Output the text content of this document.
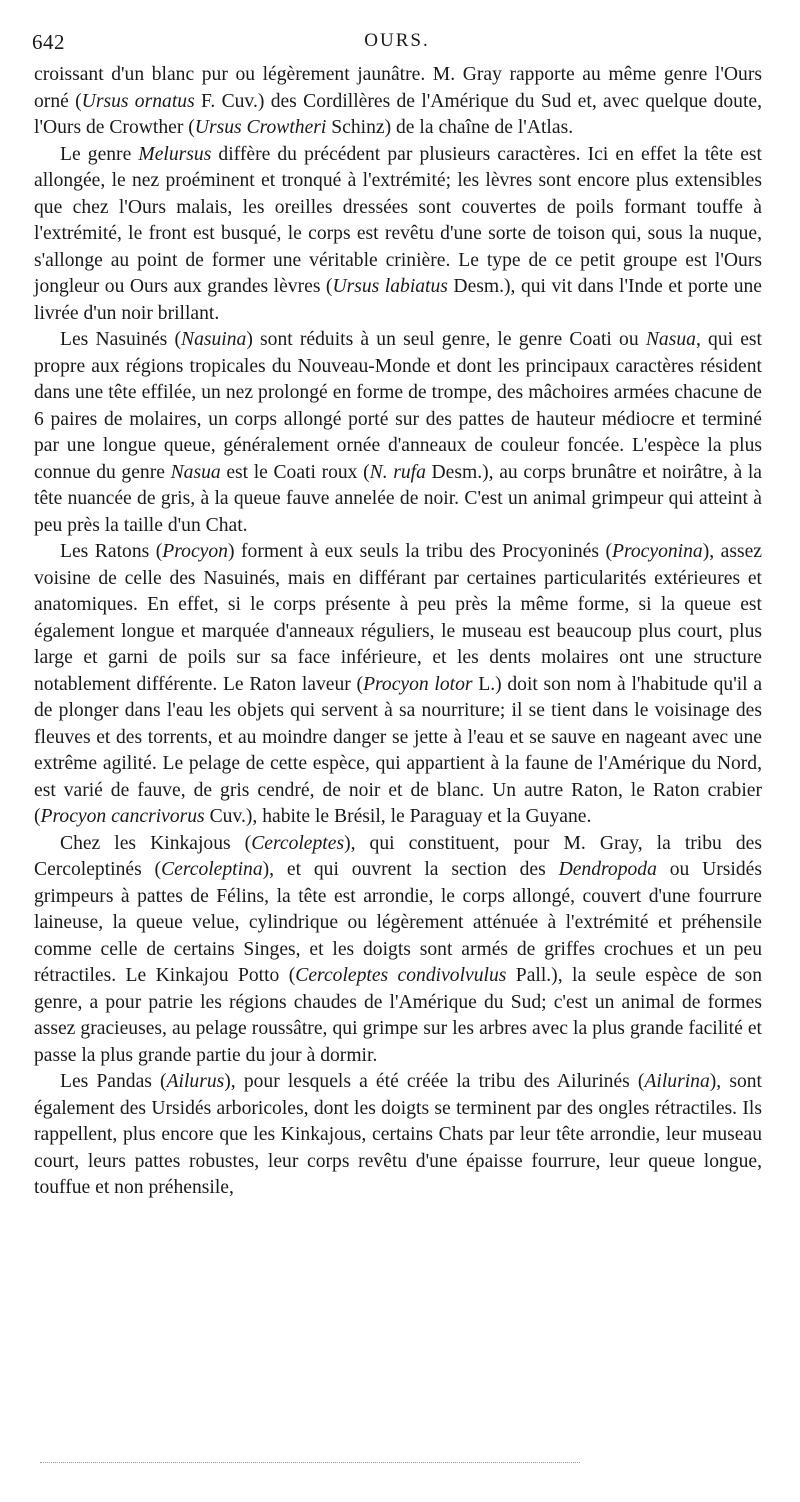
642	OURS.

croissant d'un blanc pur ou légèrement jaunâtre. M. Gray rapporte au même genre l'Ours orné (Ursus ornatus F. Cuv.) des Cordillères de l'Amérique du Sud et, avec quelque doute, l'Ours de Crowther (Ursus Crowtheri Schinz) de la chaîne de l'Atlas.

Le genre Melursus diffère du précédent par plusieurs caractères. Ici en effet la tête est allongée, le nez proéminent et tronqué à l'extrémité; les lèvres sont encore plus extensibles que chez l'Ours malais, les oreilles dressées sont couvertes de poils formant touffe à l'extrémité, le front est busqué, le corps est revêtu d'une sorte de toison qui, sous la nuque, s'allonge au point de former une véritable crinière. Le type de ce petit groupe est l'Ours jongleur ou Ours aux grandes lèvres (Ursus labiatus Desm.), qui vit dans l'Inde et porte une livrée d'un noir brillant.

Les Nasuinés (Nasuina) sont réduits à un seul genre, le genre Coati ou Nasua, qui est propre aux régions tropicales du Nouveau-Monde et dont les principaux caractères résident dans une tête effilée, un nez prolongé en forme de trompe, des mâchoires armées chacune de 6 paires de molaires, un corps allongé porté sur des pattes de hauteur médiocre et terminé par une longue queue, généralement ornée d'anneaux de couleur foncée. L'espèce la plus connue du genre Nasua est le Coati roux (N. rufa Desm.), au corps brunâtre et noirâtre, à la tête nuancée de gris, à la queue fauve annelée de noir. C'est un animal grimpeur qui atteint à peu près la taille d'un Chat.

Les Ratons (Procyon) forment à eux seuls la tribu des Procyoninés (Procyonina), assez voisine de celle des Nasuinés, mais en différant par certaines particularités extérieures et anatomiques. En effet, si le corps présente à peu près la même forme, si la queue est également longue et marquée d'anneaux réguliers, le museau est beaucoup plus court, plus large et garni de poils sur sa face inférieure, et les dents molaires ont une structure notablement différente. Le Raton laveur (Procyon lotor L.) doit son nom à l'habitude qu'il a de plonger dans l'eau les objets qui servent à sa nourriture; il se tient dans le voisinage des fleuves et des torrents, et au moindre danger se jette à l'eau et se sauve en nageant avec une extrême agilité. Le pelage de cette espèce, qui appartient à la faune de l'Amérique du Nord, est varié de fauve, de gris cendré, de noir et de blanc. Un autre Raton, le Raton crabier (Procyon cancrivorus Cuv.), habite le Brésil, le Paraguay et la Guyane.

Chez les Kinkajous (Cercoleptes), qui constituent, pour M. Gray, la tribu des Cercoleptinés (Cercoleptina), et qui ouvrent la section des Dendropoda ou Ursidés grimpeurs à pattes de Félins, la tête est arrondie, le corps allongé, couvert d'une fourrure laineuse, la queue velue, cylindrique ou légèrement atténuée à l'extrémité et préhensile comme celle de certains Singes, et les doigts sont armés de griffes crochues et un peu rétractiles. Le Kinkajou Potto (Cercoleptes condivolvulus Pall.), la seule espèce de son genre, a pour patrie les régions chaudes de l'Amérique du Sud; c'est un animal de formes assez gracieuses, au pelage roussâtre, qui grimpe sur les arbres avec la plus grande facilité et passe la plus grande partie du jour à dormir.

Les Pandas (Ailurus), pour lesquels a été créée la tribu des Ailurinés (Ailurina), sont également des Ursidés arboricoles, dont les doigts se terminent par des ongles rétractiles. Ils rappellent, plus encore que les Kinkajous, certains Chats par leur tête arrondie, leur museau court, leurs pattes robustes, leur corps revêtu d'une épaisse fourrure, leur queue longue, touffue et non préhensile,
